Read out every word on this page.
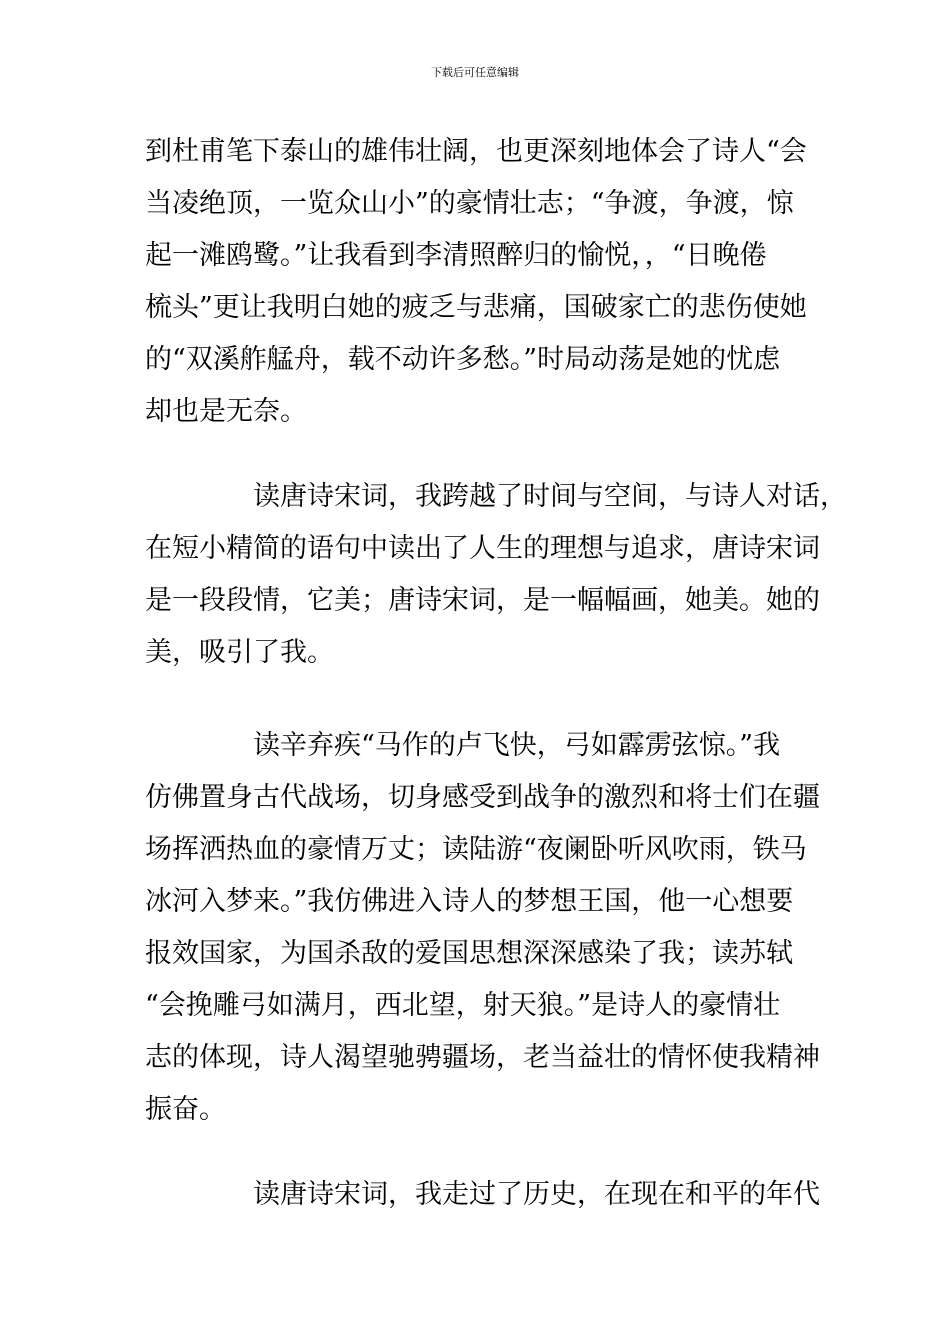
下载后可任意编辑
到杜甫笔下泰山的雄伟壮阔，也更深刻地体会了诗人“会
当凌绝顶，一览众山小”的豪情壮志；“争渡，争渡，惊
起一滩鸥鹭。”让我看到李清照醉归的愉悦，，“日晚倦
梳头”更让我明白她的疲乏与悲痛，国破家亡的悲伤使她
的“双溪舴艋舟，载不动许多愁。”时局动荡是她的忧虑
却也是无奈。
读唐诗宋词，我跨越了时间与空间，与诗人对话，
在短小精简的语句中读出了人生的理想与追求，唐诗宋词
是一段段情，它美；唐诗宋词，是一幅幅画，她美。她的
美，吸引了我。
读辛弃疾“马作的卢飞快，弓如霹雳弦惊。”我
仿佛置身古代战场，切身感受到战争的激烈和将士们在疆
场挥洒热血的豪情万丈；读陆游“夜阑卧听风吹雨，铁马
冰河入梦来。”我仿佛进入诗人的梦想王国，他一心想要
报效国家，为国杀敌的爱国思想深深感染了我；读苏轼
“会挽雕弓如满月，西北望，射天狼。”是诗人的豪情壮
志的体现，诗人渴望驰骋疆场，老当益壮的情怀使我精神
振奋。
读唐诗宋词，我走过了历史，在现在和平的年代
